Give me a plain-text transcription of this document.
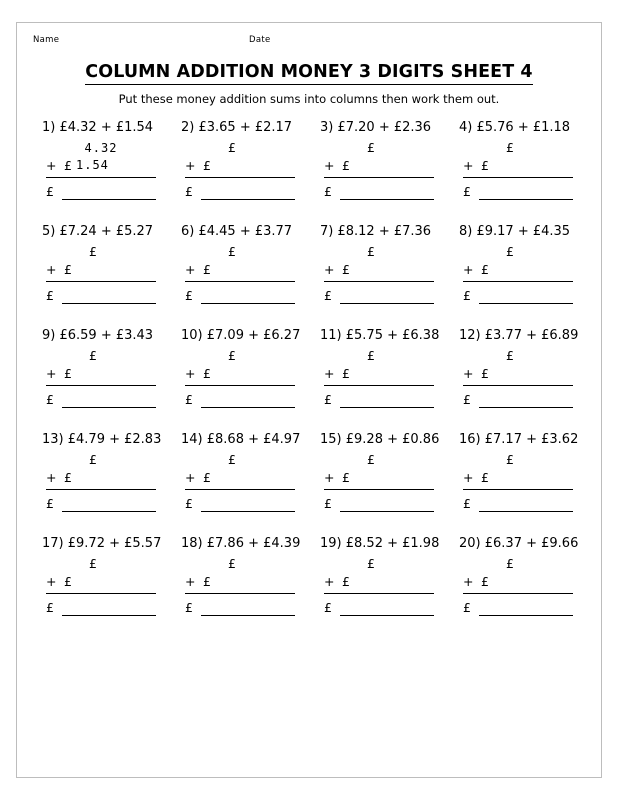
Name	Date
COLUMN ADDITION MONEY 3 DIGITS SHEET 4
Put these money addition sums into columns then work them out.
1) £4.32 + £1.54
4.32
+ £ 1.54
£
2) £3.65 + £2.17
£
+ £
£
3) £7.20 + £2.36
£
+ £
£
4) £5.76 + £1.18
£
+ £
£
5) £7.24 + £5.27
£
+ £
£
6) £4.45 + £3.77
£
+ £
£
7) £8.12 + £7.36
£
+ £
£
8) £9.17 + £4.35
£
+ £
£
9) £6.59 + £3.43
£
+ £
£
10) £7.09 + £6.27
£
+ £
£
11) £5.75 + £6.38
£
+ £
£
12) £3.77 + £6.89
£
+ £
£
13) £4.79 + £2.83
£
+ £
£
14) £8.68 + £4.97
£
+ £
£
15) £9.28 + £0.86
£
+ £
£
16) £7.17 + £3.62
£
+ £
£
17) £9.72 + £5.57
£
+ £
£
18) £7.86 + £4.39
£
+ £
£
19) £8.52 + £1.98
£
+ £
£
20) £6.37 + £9.66
£
+ £
£
